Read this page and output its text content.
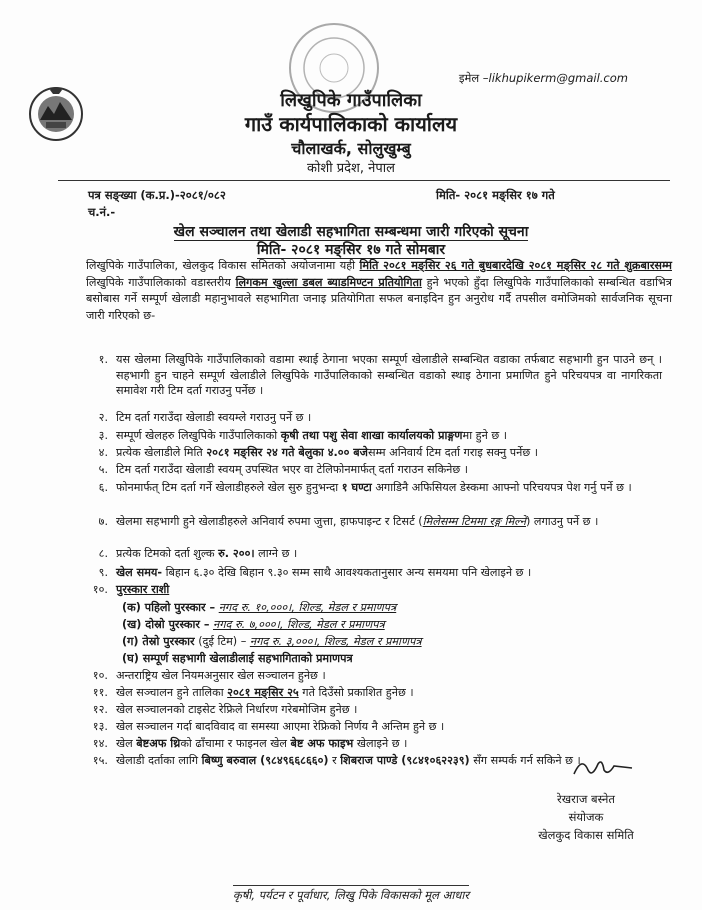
इमेल –likhupikerm@gmail.com
लिखुपिके गाउँपालिका
गाउँ कार्यपालिकाको कार्यालय
चौलाखर्क, सोलुखुम्बु
कोशी प्रदेश, नेपाल
पत्र सङ्ख्या (क.प्र.)-२०८१/०८२
च.नं.-
मिति- २०८१ मङ्सिर १७ गते
खेल सञ्चालन तथा खेलाडी सहभागिता सम्बन्धमा जारी गरिएको सूचना
मिति- २०८१ मङ्सिर १७ गते सोमबार
लिखुपिके गाउँपालिका, खेलकुद विकास समितको अयोजनामा यही मिति २०८१ मङ्सिर २६ गते बुधबारदेखि २०८१ मङ्सिर २८ गते शुक्रबारसम्म लिखुपिके गाउँपालिकाको वडास्तरीय लिगकम खुल्ला डबल ब्याडमिण्टन प्रतियोगिता हुने भएको हुँदा लिखुपिके गाउँपालिकाको सम्बन्धित वडाभित्र बसोबास गर्ने सम्पूर्ण खेलाडी महानुभावले सहभागिता जनाइ प्रतियोगिता सफल बनाइदिन हुन अनुरोध गर्दै तपसील वमोजिमको सार्वजनिक सूचना जारी गरिएको छ-
१. यस खेलमा लिखुपिके गाउँपालिकाको वडामा स्थाई ठेगाना भएका सम्पूर्ण खेलाडीले सम्बन्धित वडाका तर्फबाट सहभागी हुन पाउने छन् । सहभागी हुन चाहने सम्पूर्ण खेलाडीले लिखुपिके गाउँपालिकाको सम्बन्धित वडाको स्थाइ ठेगाना प्रमाणित हुने परिचयपत्र वा नागरिकता समावेश गरी टिम दर्ता गराउनु पर्नेछ ।
२. टिम दर्ता गराउँदा खेलाडी स्वयम्ले गराउनु पर्ने छ ।
३. सम्पूर्ण खेलहरु लिखुपिके गाउँपालिकाको कृषी तथा पशु सेवा शाखा कार्यालयको प्राङ्गणमा हुने छ ।
४. प्रत्येक खेलाडीले मिति २०८१ मङ्सिर २४ गते बेलुका ४.०० बजेसम्म अनिवार्य टिम दर्ता गराइ सक्नु पर्नेछ ।
५. टिम दर्ता गराउँदा खेलाडी स्वयम् उपस्थित भएर वा टेलिफोनमार्फत् दर्ता गराउन सकिनेछ ।
६. फोनमार्फत् टिम दर्ता गर्ने खेलाडीहरुले खेल सुरु हुनुभन्दा १ घण्टा अगाडिनै अफिसियल डेस्कमा आफ्नो परिचयपत्र पेश गर्नु पर्ने छ ।
७. खेलमा सहभागी हुने खेलाडीहरुले अनिवार्य रुपमा जुत्ता, हाफपाइन्ट र टिसर्ट (मिलेसम्म टिममा रङ्ग मिल्ने) लगाउनु पर्ने छ ।
८. प्रत्येक टिमको दर्ता शुल्क रु. २००। लाग्ने छ ।
९. खेल समय- बिहान ६.३० देखि बिहान ९.३० सम्म साथै आवश्यकतानुसार अन्य समयमा पनि खेलाइने छ ।
१०. पुरस्कार राशी
(क) पहिलो पुरस्कार – नगद रु. १०,०००।, शिल्ड, मेडल र प्रमाणपत्र
(ख) दोस्रो पुरस्कार – नगद रु. ७,०००।, शिल्ड, मेडल र प्रमाणपत्र
(ग) तेस्रो पुरस्कार (दुई टिम) – नगद रु. ३,०००।, शिल्ड, मेडल र प्रमाणपत्र
(घ) सम्पूर्ण सहभागी खेलाडीलाई सहभागिताको प्रमाणपत्र
१०. अन्तराष्ट्रिय खेल नियमअनुसार खेल सञ्चालन हुनेछ ।
११. खेल सञ्चालन हुने तालिका २०८१ मङ्सिर २५ गते दिउँसो प्रकाशित हुनेछ ।
१२. खेल सञ्चालनको टाइसेट रेफ्रिले निर्धारण गरेबमोजिम हुनेछ ।
१३. खेल सञ्चालन गर्दा बादविवाद वा समस्या आएमा रेफ्रिको निर्णय नै अन्तिम हुने छ ।
१४. खेल बेष्टअफ थ्रिको ढाँचामा र फाइनल खेल बेष्ट अफ फाइभ खेलाइने छ ।
१५. खेलाडी दर्ताका लागि बिष्णु बरुवाल (९८४९६६८६६०) र शिबराज पाण्डे (९८४१०६२२३९) सँग सम्पर्क गर्न सकिने छ ।
रेखराज बस्नेत
संयोजक
खेलकुद विकास समिति
कृषी, पर्यटन र पूर्वाधार, लिखु पिके विकासको मूल आधार
